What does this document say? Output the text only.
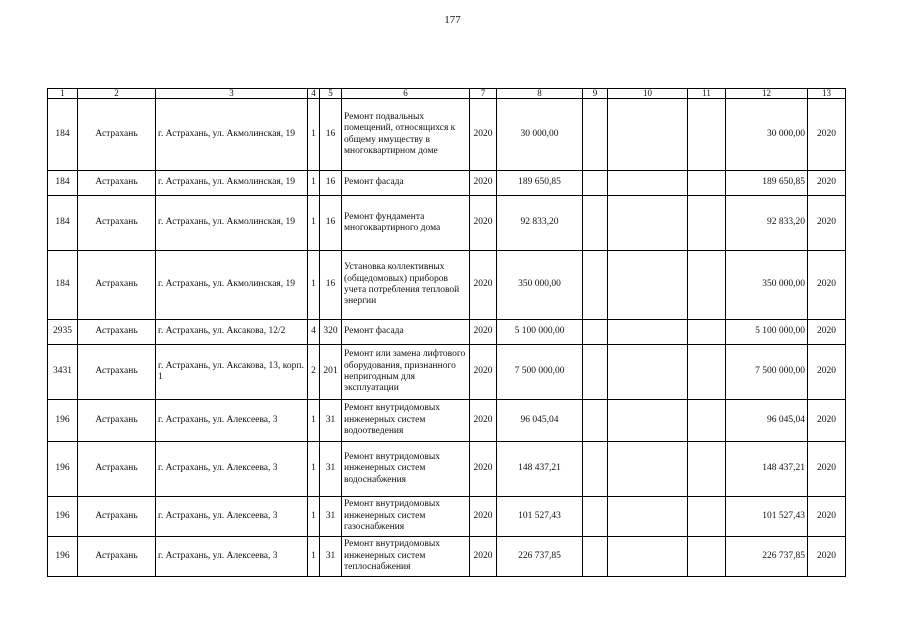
177
1	2	3	4	5	6	7	8	9	10	11	12	13
184	Астрахань	г. Астрахань, ул. Акмолинская, 19	1	16	Ремонт подвальных помещений, относящихся к общему имуществу в многоквартирном доме	2020	30 000,00				30 000,00	2020
184	Астрахань	г. Астрахань, ул. Акмолинская, 19	1	16	Ремонт фасада	2020	189 650,85				189 650,85	2020
184	Астрахань	г. Астрахань, ул. Акмолинская, 19	1	16	Ремонт фундамента многоквартирного дома	2020	92 833,20				92 833,20	2020
184	Астрахань	г. Астрахань, ул. Акмолинская, 19	1	16	Установка коллективных (общедомовых) приборов учета потребления тепловой энергии	2020	350 000,00				350 000,00	2020
2935	Астрахань	г. Астрахань, ул. Аксакова, 12/2	4	320	Ремонт фасада	2020	5 100 000,00				5 100 000,00	2020
3431	Астрахань	г. Астрахань, ул. Аксакова, 13, корп. 1	2	201	Ремонт или замена лифтового оборудования, признанного непригодным для эксплуатации	2020	7 500 000,00				7 500 000,00	2020
196	Астрахань	г. Астрахань, ул. Алексеева, 3	1	31	Ремонт внутридомовых инженерных систем водоотведения	2020	96 045,04				96 045,04	2020
196	Астрахань	г. Астрахань, ул. Алексеева, 3	1	31	Ремонт внутридомовых инженерных систем водоснабжения	2020	148 437,21				148 437,21	2020
196	Астрахань	г. Астрахань, ул. Алексеева, 3	1	31	Ремонт внутридомовых инженерных систем газоснабжения	2020	101 527,43				101 527,43	2020
196	Астрахань	г. Астрахань, ул. Алексеева, 3	1	31	Ремонт внутридомовых инженерных систем теплоснабжения	2020	226 737,85				226 737,85	2020
